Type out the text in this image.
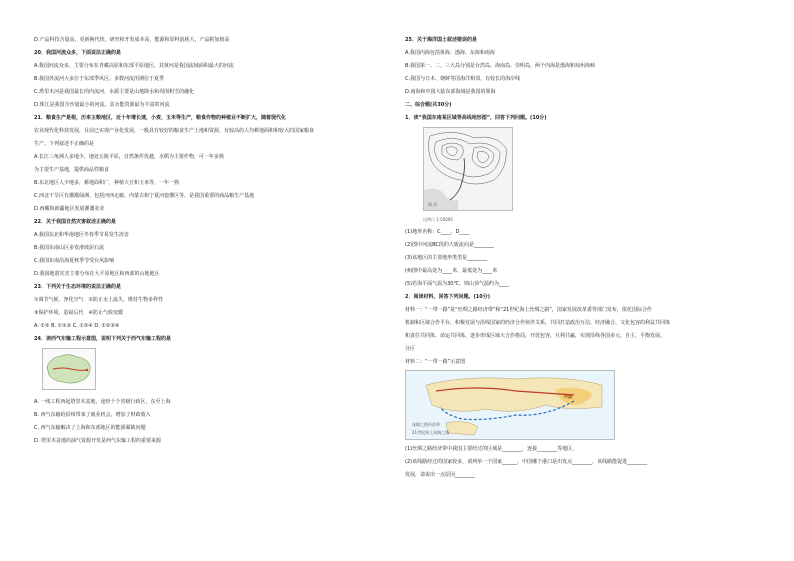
D.产品科技含量高，更新换代快，研究和开发成本高，能源和原料消耗大，产品附加值高
20．我国河流众多，下面说法正确的是
A.我国河流众多，主要分布在青藏高原和东部平原地区，其黄河是我国流域面积最大的河流
B.我国外流河大多位于东部季风区，多数河流汛期位于夏季
C.塔里木河是我国最长的内流河，水源主要是山地降水和周围积雪的融化
D.珠江是我国含沙量最小的河流，其水能资源最为丰富的河流
21．粮食生产是根，历来主粮地区，近十年增长速，小麦、玉米等生产，粮食作物的种植业不断扩大，随着现代化
农业现代化科技发展，目前已实现产业化发展，一般具有较好的粮食生产土地和资源，有较高的人均耕地面积和较大的国家粮食
生产。下列叙述不正确的是
A.长江三角洲人多地少，地处丘陵平原，自然条件优越，水稻为主要作物，可一年多熟
为主要生产基地，提供商品性粮食
B.东北地区人少地多，耕地面积广，种植大豆和玉米等，一年一熟
C.西北干旱区有灌溉绿洲，包括河西走廊、内蒙古和宁夏河套灌区等，是我国重要的商品粮生产基地
D.西藏和新疆地区发展灌溉农业
22．关于我国自然灾害叙述正确的是
A.我国东北和华南地区冬春季节易发生冻害
B.我国东南山区多发滑坡泥石流
C.我国东南沿海夏秋季节受台风影响
D.我国地震灾害主要分布在大平原地区和西部的山地地区
23．下列关于生态环境的说法正确的是
①调节气候，净化空气　②防止水土流失，维持生物多样性
③保护环境，造福后代　④防止气候变暖
A. ①② B. ①②③ C. ①②④ D. ①②③④
24．读西气东输工程示意图，说明下列关于西气东输工程的是
A. 一线工程西起塔里木盆地，途经十个省级行政区，东至上海
B. 西气东输给沿线带来了就业机会，增加了财政收入
C. 西气东输解决了上海和东部地区的能源紧缺问题
D. 塔里木盆地的油气资源开发是西气东输工程的重要来源
25．关于海洋国土叙述错误的是
A.我国内海包括黄海、渤海、东海和南海
B.我国第一、二、三大岛分别是台湾岛、海南岛、崇明岛，两个内海是渤海和琼州海峡
C.我国与日本、朝鲜等国海洋相邻，有较长的海岸线
D.南海和中国大陆东部海域是我国的领海
二、综合题(共30分)
1．读“我国东南某区域等高线地形图”，回答下列问题。(10分)
海 洋
比例尺 1:50000
(1)地形名称：C____，D____
(2)图中河流BC段的大致流向是________
(3)该地区的主要地形类型是________
(4)图中最高处为____米，最低处为____米
(5)若海平面气温为30℃，则山顶气温约为____
2．阅读材料，回答下列问题。(10分)
材料一：“一带一路”是“丝绸之路经济带”和“21世纪海上丝绸之路”，国家发展改革委等部门发布，依托国际合作
机制和区域合作平台，积极发展与沿线国家的经济合作伙伴关系，共同打造政治互信、经济融合、文化包容的利益共同体
和责任共同体、命运共同体，逐步形成区域大合作格局，开放包容，互利共赢，实现沿线各国多元、自主、平衡发展。
分区
材料二：“一带一路”示意图
中国
丝绸之路经济带
21世纪海上丝绸之路
(1)丝绸之路经济带中我国主要经过的区域是________，连接________等地区，
(2)该线路经过的国家较多，请列举一个国家______，中国哪个港口是出发点________，该线路能促进________
发展，请说出一点原因________
